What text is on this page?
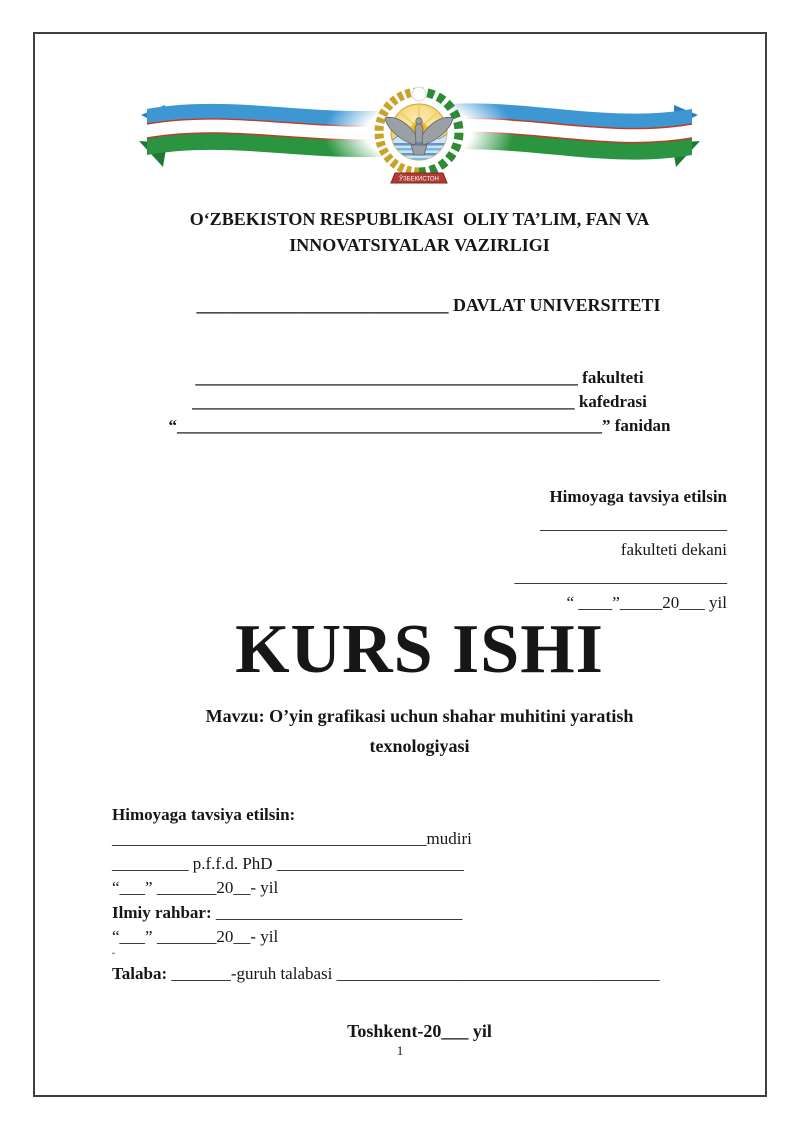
ЎЗБЕКИСТОН
O‘ZBEKISTON RESPUBLIKASI  OLIY TA’LIM, FAN VA
INNOVATSIYALAR VAZIRLIGI

____________________________ DAVLAT UNIVERSITETI

_____________________________________________ fakulteti
_____________________________________________ kafedrasi
“__________________________________________________” fanidan
Himoyaga tavsiya etilsin
______________________
fakulteti dekani
_________________________
“ ____”_____20___ yil
KURS ISHI
Mavzu: O’yin grafikasi uchun shahar muhitini yaratish
texnologiyasi
Himoyaga tavsiya etilsin:
_____________________________________mudiri
_________ p.f.f.d. PhD ______________________
“___” _______20__- yil
Ilmiy rahbar: _____________________________
“___” _______20__- yil
ˇ
Talaba: _______-guruh talabasi ______________________________________
Toshkent-20___ yil
1
